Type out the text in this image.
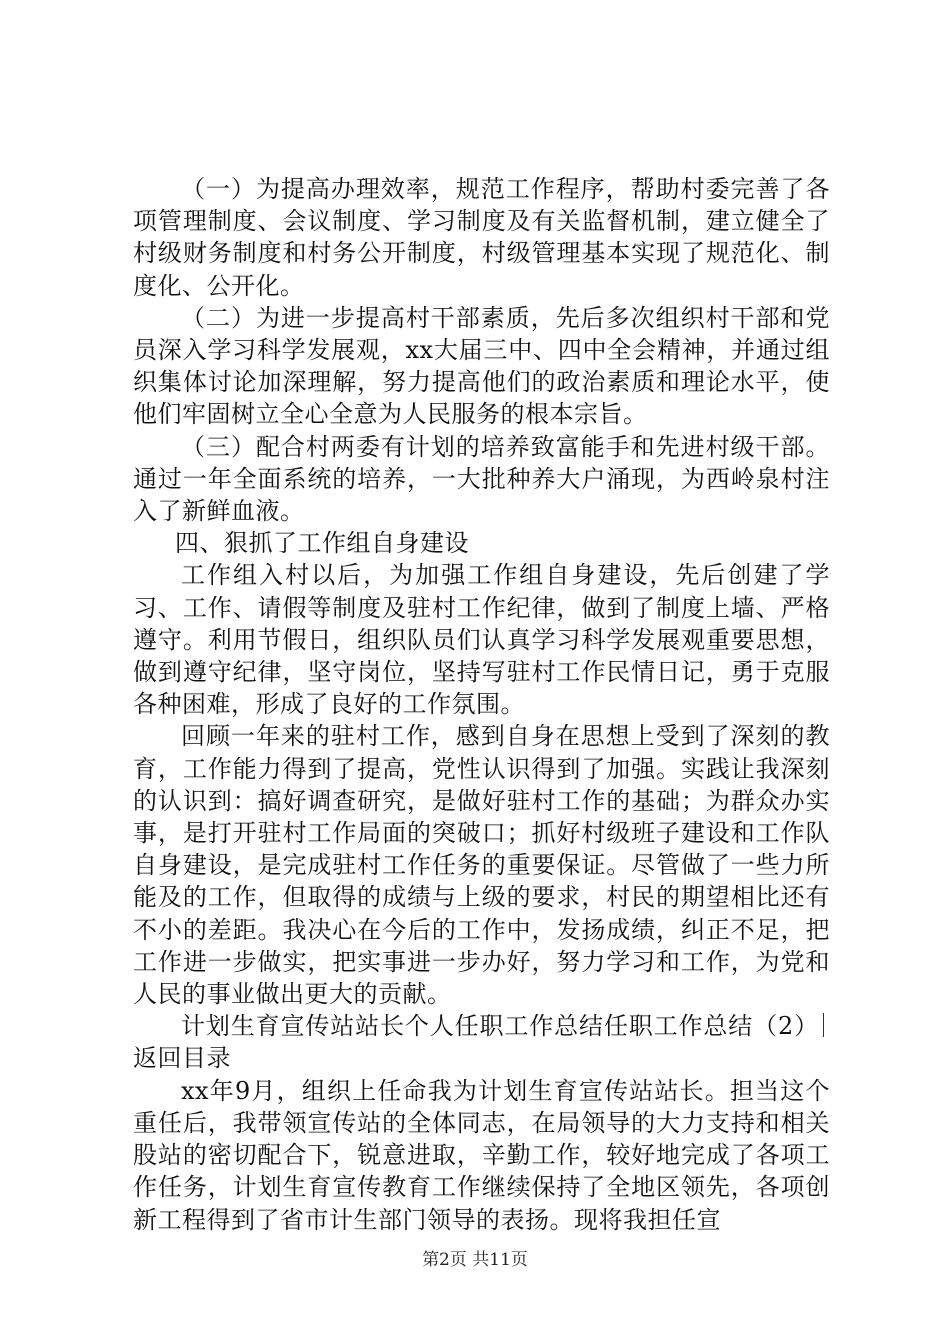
（一）为提高办理效率，规范工作程序，帮助村委完善了各项管理制度、会议制度、学习制度及有关监督机制，建立健全了村级财务制度和村务公开制度，村级管理基本实现了规范化、制度化、公开化。

（二）为进一步提高村干部素质，先后多次组织村干部和党员深入学习科学发展观，xx大届三中、四中全会精神，并通过组织集体讨论加深理解，努力提高他们的政治素质和理论水平，使他们牢固树立全心全意为人民服务的根本宗旨。

（三）配合村两委有计划的培养致富能手和先进村级干部。通过一年全面系统的培养，一大批种养大户涌现，为西岭泉村注入了新鲜血液。

四、狠抓了工作组自身建设

工作组入村以后，为加强工作组自身建设，先后创建了学习、工作、请假等制度及驻村工作纪律，做到了制度上墙、严格遵守。利用节假日，组织队员们认真学习科学发展观重要思想，做到遵守纪律，坚守岗位，坚持写驻村工作民情日记，勇于克服各种困难，形成了良好的工作氛围。

回顾一年来的驻村工作，感到自身在思想上受到了深刻的教育，工作能力得到了提高，党性认识得到了加强。实践让我深刻的认识到：搞好调查研究，是做好驻村工作的基础；为群众办实事，是打开驻村工作局面的突破口；抓好村级班子建设和工作队自身建设，是完成驻村工作任务的重要保证。尽管做了一些力所能及的工作，但取得的成绩与上级的要求，村民的期望相比还有不小的差距。我决心在今后的工作中，发扬成绩，纠正不足，把工作进一步做实，把实事进一步办好，努力学习和工作，为党和人民的事业做出更大的贡献。

计划生育宣传站站长个人任职工作总结任职工作总结（2）返回目录

xx年9月，组织上任命我为计划生育宣传站站长。担当这个重任后，我带领宣传站的全体同志，在局领导的大力支持和相关股站的密切配合下，锐意进取，辛勤工作，较好地完成了各项工作任务，计划生育宣传教育工作继续保持了全地区领先，各项创新工程得到了省市计生部门领导的表扬。现将我担任宣

第2页 共11页
